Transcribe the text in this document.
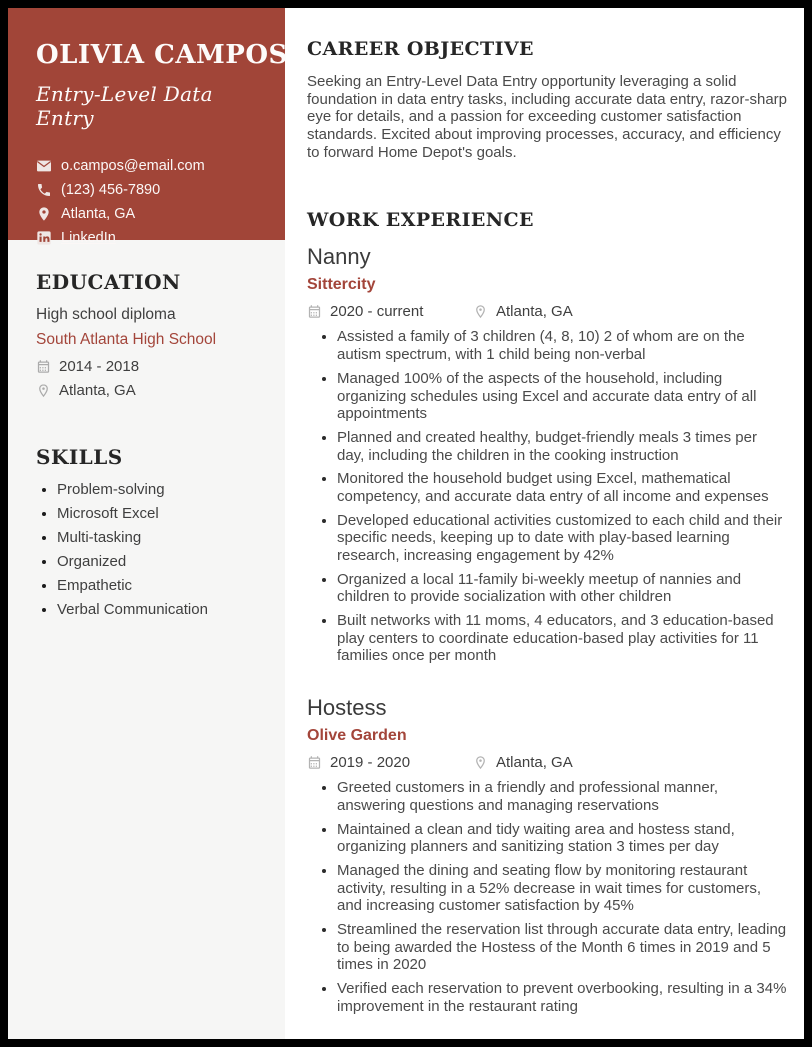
OLIVIA CAMPOS
Entry-Level Data Entry
o.campos@email.com
(123) 456-7890
Atlanta, GA
LinkedIn
EDUCATION
High school diploma
South Atlanta High School
2014 - 2018
Atlanta, GA
SKILLS
• Problem-solving
• Microsoft Excel
• Multi-tasking
• Organized
• Empathetic
• Verbal Communication
CAREER OBJECTIVE

Seeking an Entry-Level Data Entry opportunity leveraging a solid foundation in data entry tasks, including accurate data entry, razor-sharp eye for details, and a passion for exceeding customer satisfaction standards. Excited about improving processes, accuracy, and efficiency to forward Home Depot's goals.

WORK EXPERIENCE
Nanny
Sittercity
2020 - current	Atlanta, GA
• Assisted a family of 3 children (4, 8, 10) 2 of whom are on the autism spectrum, with 1 child being non-verbal
• Managed 100% of the aspects of the household, including organizing schedules using Excel and accurate data entry of all appointments
• Planned and created healthy, budget-friendly meals 3 times per day, including the children in the cooking instruction
• Monitored the household budget using Excel, mathematical competency, and accurate data entry of all income and expenses
• Developed educational activities customized to each child and their specific needs, keeping up to date with play-based learning research, increasing engagement by 42%
• Organized a local 11-family bi-weekly meetup of nannies and children to provide socialization with other children
• Built networks with 11 moms, 4 educators, and 3 education-based play centers to coordinate education-based play activities for 11 families once per month
Hostess
Olive Garden
2019 - 2020	Atlanta, GA
• Greeted customers in a friendly and professional manner, answering questions and managing reservations
• Maintained a clean and tidy waiting area and hostess stand, organizing planners and sanitizing station 3 times per day
• Managed the dining and seating flow by monitoring restaurant activity, resulting in a 52% decrease in wait times for customers, and increasing customer satisfaction by 45%
• Streamlined the reservation list through accurate data entry, leading to being awarded the Hostess of the Month 6 times in 2019 and 5 times in 2020
• Verified each reservation to prevent overbooking, resulting in a 34% improvement in the restaurant rating
